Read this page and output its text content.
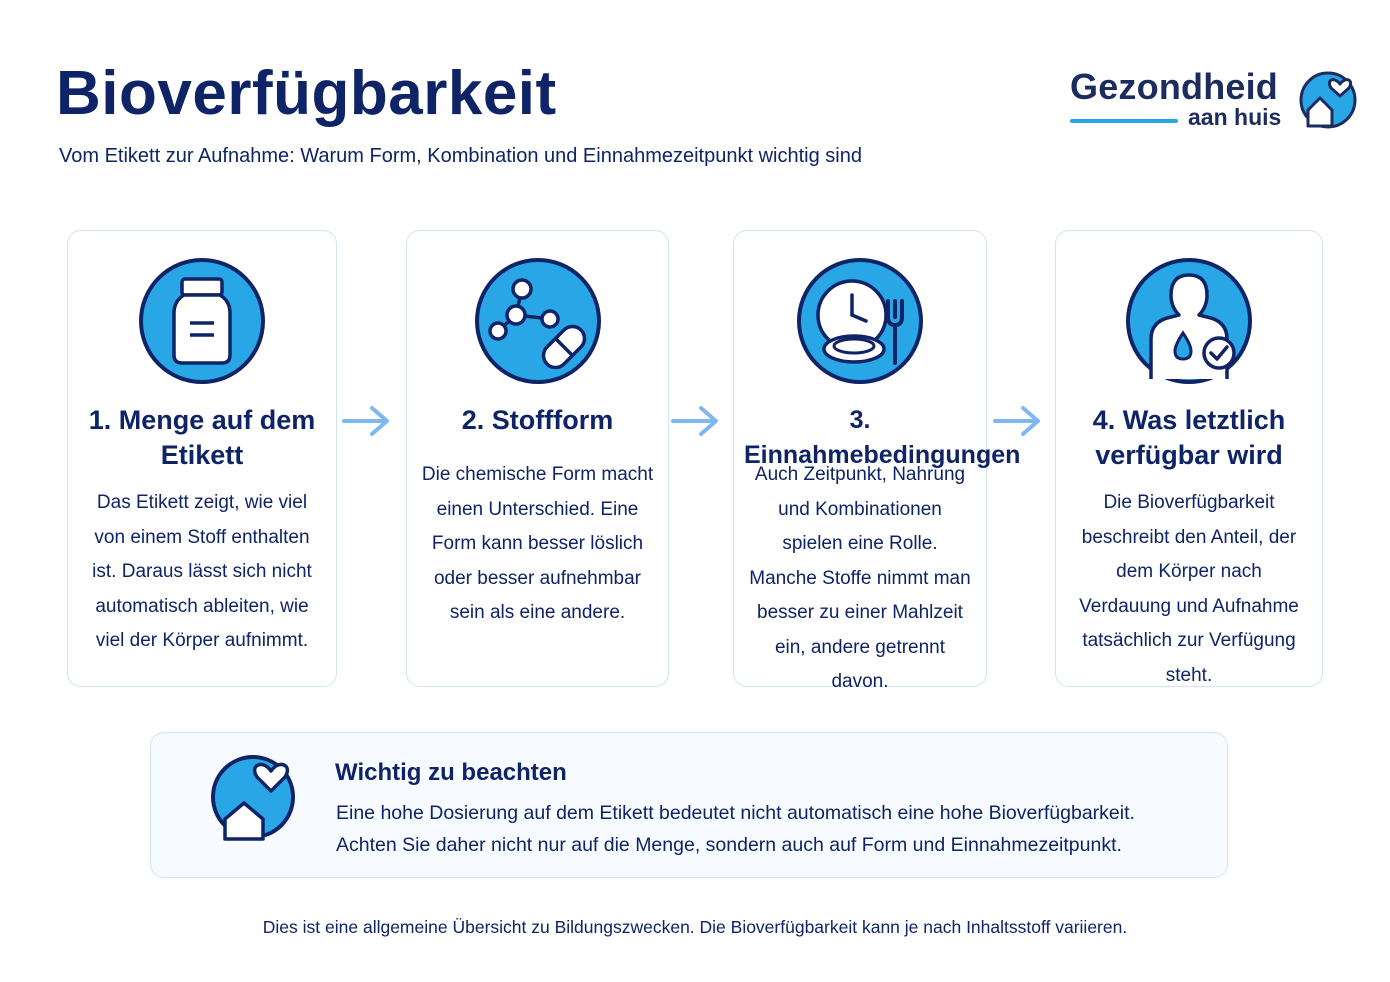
Bioverfügbarkeit
Vom Etikett zur Aufnahme: Warum Form, Kombination und Einnahmezeitpunkt wichtig sind
Gezondheid
aan huis
1. Menge auf dem Etikett

Das Etikett zeigt, wie viel von einem Stoff enthalten ist. Daraus lässt sich nicht automatisch ableiten, wie viel der Körper aufnimmt.

2. Stoffform

Die chemische Form macht einen Unterschied. Eine Form kann besser löslich oder besser aufnehmbar sein als eine andere.

3. Einnahmebedingungen

Auch Zeitpunkt, Nahrung und Kombinationen spielen eine Rolle. Manche Stoffe nimmt man besser zu einer Mahlzeit ein, andere getrennt davon.

4. Was letztlich verfügbar wird

Die Bioverfügbarkeit beschreibt den Anteil, der dem Körper nach Verdauung und Aufnahme tatsächlich zur Verfügung steht.

Wichtig zu beachten

Eine hohe Dosierung auf dem Etikett bedeutet nicht automatisch eine hohe Bioverfügbarkeit.
Achten Sie daher nicht nur auf die Menge, sondern auch auf Form und Einnahmezeitpunkt.

Dies ist eine allgemeine Übersicht zu Bildungszwecken. Die Bioverfügbarkeit kann je nach Inhaltsstoff variieren.
